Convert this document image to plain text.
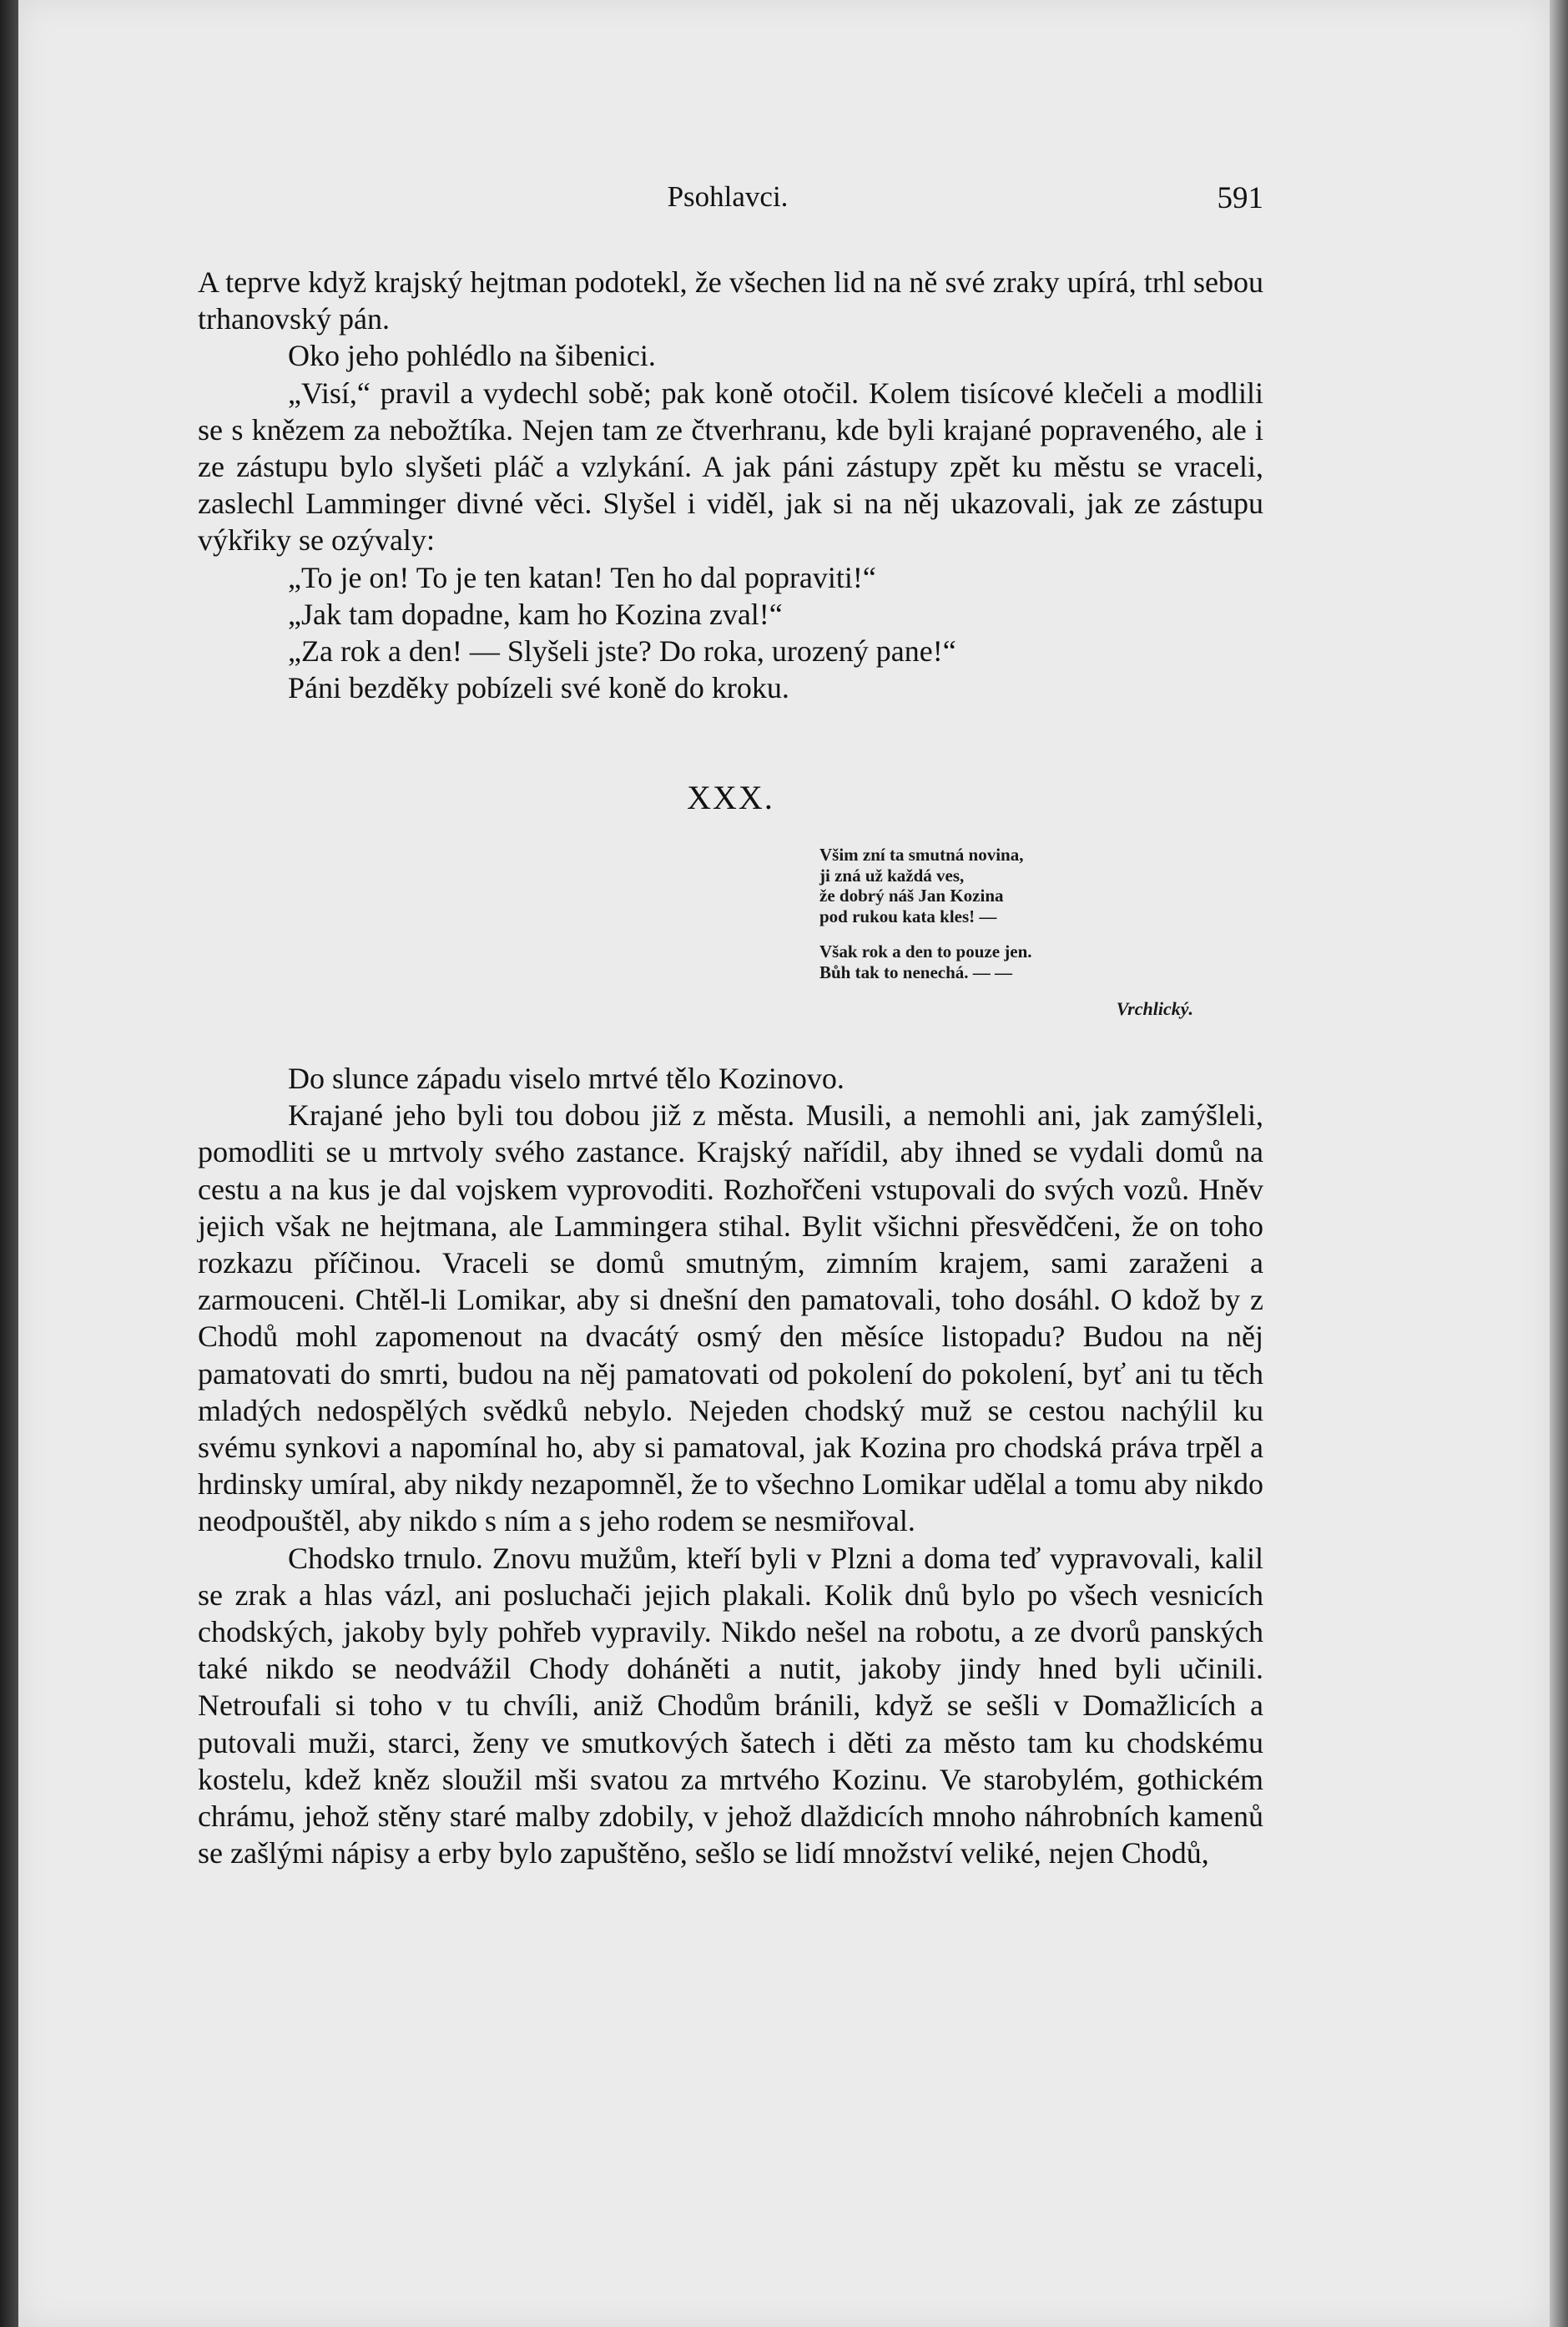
Psohlavci.	591

A teprve když krajský hejtman podotekl, že všechen lid na ně své zraky upírá, trhl sebou trhanovský pán.

Oko jeho pohlédlo na šibenici.

„Visí,“ pravil a vydechl sobě; pak koně otočil. Kolem tisícové klečeli a modlili se s knězem za nebožtíka. Nejen tam ze čtverhranu, kde byli krajané popraveného, ale i ze zástupu bylo slyšeti pláč a vzlykání. A jak páni zástupy zpět ku městu se vraceli, zaslechl Lamminger divné věci. Slyšel i viděl, jak si na něj ukazovali, jak ze zástupu výkřiky se ozývaly:

„To je on! To je ten katan! Ten ho dal popraviti!“

„Jak tam dopadne, kam ho Kozina zval!“

„Za rok a den! — Slyšeli jste? Do roka, urozený pane!“

Páni bezděky pobízeli své koně do kroku.

XXX.

Všim zní ta smutná novina,

ji zná už každá ves,

že dobrý náš Jan Kozina

pod rukou kata kles! —

Však rok a den to pouze jen.

Bůh tak to nenechá. — —

Vrchlický.

Do slunce západu viselo mrtvé tělo Kozinovo.

Krajané jeho byli tou dobou již z města. Musili, a nemohli ani, jak zamýšleli, pomodliti se u mrtvoly svého zastance. Krajský nařídil, aby ihned se vydali domů na cestu a na kus je dal vojskem vyprovoditi. Rozhořčeni vstupovali do svých vozů. Hněv jejich však ne hejtmana, ale Lammingera stihal. Bylit všichni přesvědčeni, že on toho rozkazu příčinou. Vraceli se domů smutným, zimním krajem, sami zaraženi a zarmouceni. Chtěl-li Lomikar, aby si dnešní den pamatovali, toho dosáhl. O kdož by z Chodů mohl zapomenout na dvacátý osmý den měsíce listopadu? Budou na něj pamatovati do smrti, budou na něj pamatovati od pokolení do pokolení, byť ani tu těch mladých nedospělých svědků nebylo. Nejeden chodský muž se cestou nachýlil ku svému synkovi a napomínal ho, aby si pamatoval, jak Kozina pro chodská práva trpěl a hrdinsky umíral, aby nikdy nezapomněl, že to všechno Lomikar udělal a tomu aby nikdo neodpouštěl, aby nikdo s ním a s jeho rodem se nesmiřoval.

Chodsko trnulo. Znovu mužům, kteří byli v Plzni a doma teď vypravovali, kalil se zrak a hlas vázl, ani posluchači jejich plakali. Kolik dnů bylo po všech vesnicích chodských, jakoby byly pohřeb vypravily. Nikdo nešel na robotu, a ze dvorů panských také nikdo se neodvážil Chody doháněti a nutit, jakoby jindy hned byli učinili. Netroufali si toho v tu chvíli, aniž Chodům bránili, když se sešli v Domažlicích a putovali muži, starci, ženy ve smutkových šatech i děti za město tam ku chodskému kostelu, kdež kněz sloužil mši svatou za mrtvého Kozinu. Ve starobylém, gothickém chrámu, jehož stěny staré malby zdobily, v jehož dlaždicích mnoho náhrobních kamenů se zašlými nápisy a erby bylo zapuštěno, sešlo se lidí množství veliké, nejen Chodů,
